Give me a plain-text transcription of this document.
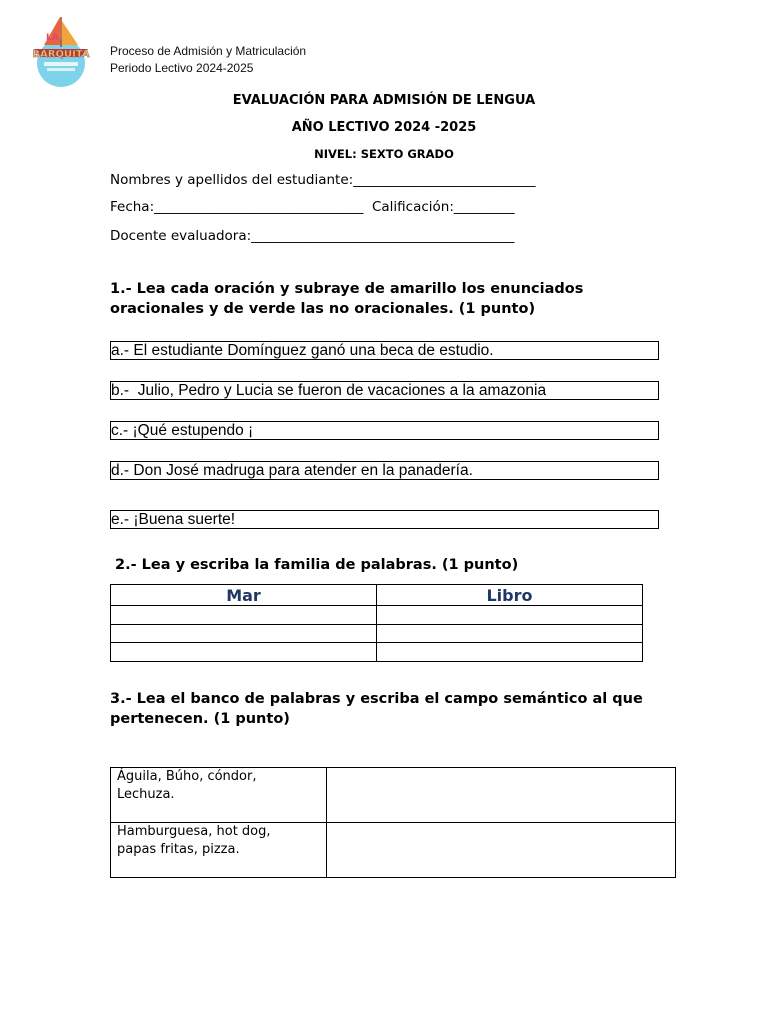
BARQUITA
LA
Proceso de Admisión y Matriculación
Periodo Lectivo 2024-2025
EVALUACIÓN PARA ADMISIÓN DE LENGUA
AÑO LECTIVO 2024 -2025
NIVEL: SEXTO GRADO
Nombres y apellidos del estudiante:___________________________
Fecha:_______________________________  Calificación:_________
Docente evaluadora:_______________________________________
1.- Lea cada oración y subraye de amarillo los enunciados oracionales y de verde las no oracionales. (1 punto)
a.- El estudiante Domínguez ganó una beca de estudio.
b.-  Julio, Pedro y Lucia se fueron de vacaciones a la amazonia
c.- ¡Qué estupendo ¡
d.- Don José madruga para atender en la panadería.
e.- ¡Buena suerte!
2.- Lea y escriba la familia de palabras. (1 punto)
Mar	Libro

3.- Lea el banco de palabras y escriba el campo semántico al que pertenecen. (1 punto)
Águila, Búho, cóndor,
Lechuza.	

Hamburguesa, hot dog,
papas fritas, pizza.	
